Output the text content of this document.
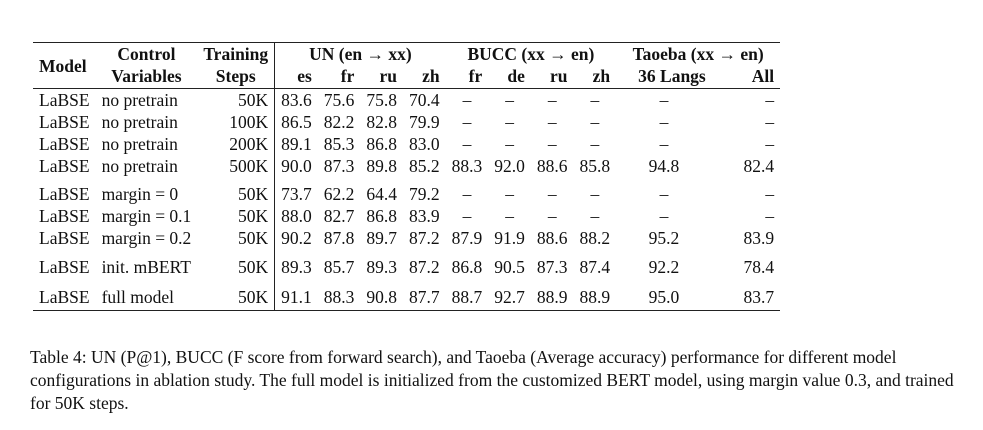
Model	Control	Training	UN (en → xx)				BUCC (xx → en)				Taoeba (xx → en)	
	Variables	Steps	es	fr	ru	zh	fr	de	ru	zh	36 Langs	All
LaBSE	no pretrain	50K	83.6	75.6	75.8	70.4	–	–	–	–	–	–
LaBSE	no pretrain	100K	86.5	82.2	82.8	79.9	–	–	–	–	–	–
LaBSE	no pretrain	200K	89.1	85.3	86.8	83.0	–	–	–	–	–	–
LaBSE	no pretrain	500K	90.0	87.3	89.8	85.2	88.3	92.0	88.6	85.8	94.8	82.4
LaBSE	margin = 0	50K	73.7	62.2	64.4	79.2	–	–	–	–	–	–
LaBSE	margin = 0.1	50K	88.0	82.7	86.8	83.9	–	–	–	–	–	–
LaBSE	margin = 0.2	50K	90.2	87.8	89.7	87.2	87.9	91.9	88.6	88.2	95.2	83.9
LaBSE	init. mBERT	50K	89.3	85.7	89.3	87.2	86.8	90.5	87.3	87.4	92.2	78.4
LaBSE	full model	50K	91.1	88.3	90.8	87.7	88.7	92.7	88.9	88.9	95.0	83.7
Table 4: UN (P@1), BUCC (F score from forward search), and Taoeba (Average accuracy) performance for different model configurations in ablation study. The full model is initialized from the customized BERT model, using margin value 0.3, and trained for 50K steps.
